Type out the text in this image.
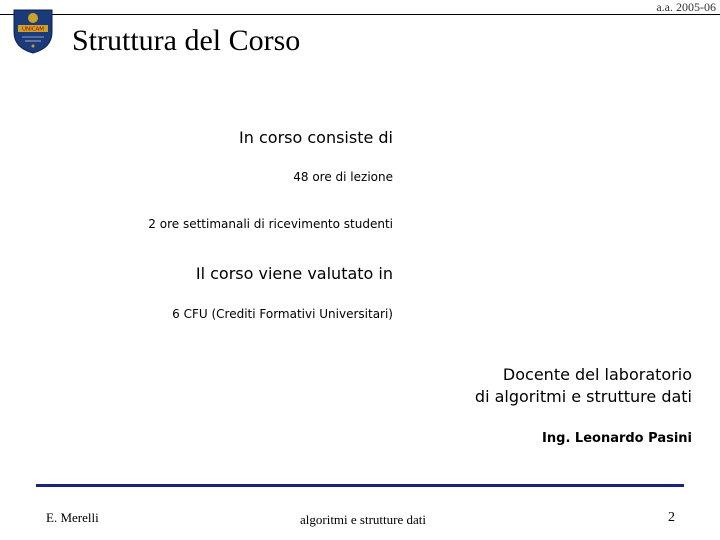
a.a. 2005-06
UNICAM Struttura del Corso
In corso consiste di
48 ore di lezione
2 ore settimanali di ricevimento studenti
Il corso viene valutato in
6 CFU (Crediti Formativi Universitari)
Docente del laboratorio
di algoritmi e strutture dati
Ing. Leonardo Pasini
E. Merelli	algoritmi e strutture dati	2
